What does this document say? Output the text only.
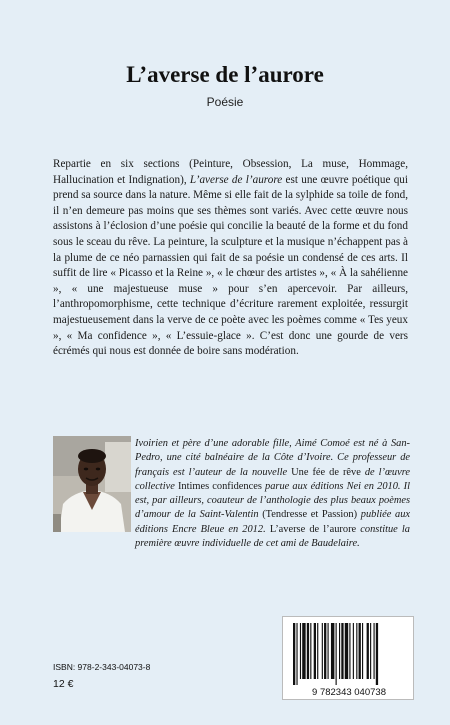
L’averse de l’aurore
Poésie

Repartie en six sections (Peinture, Obsession, La muse, Hommage, Hallucination et Indignation), L’averse de l’aurore est une œuvre poétique qui prend sa source dans la nature. Même si elle fait de la sylphide sa toile de fond, il n’en demeure pas moins que ses thèmes sont variés. Avec cette œuvre nous assistons à l’éclosion d’une poésie qui concilie la beauté de la forme et du fond sous le sceau du rêve. La peinture, la sculpture et la musique n’échappent pas à la plume de ce néo parnassien qui fait de sa poésie un condensé de ces arts. Il suffit de lire « Picasso et la Reine », « le chœur des artistes », « À la sahélienne », « une majestueuse muse » pour s’en apercevoir. Par ailleurs, l’anthropomorphisme, cette technique d’écriture rarement exploitée, ressurgit majestueusement dans la verve de ce poète avec les poèmes comme « Tes yeux », « Ma confidence », « L’essuie-glace ». C’est donc une gourde de vers écrémés qui nous est donnée de boire sans modération.

Ivoirien et père d’une adorable fille, Aimé Comoé est né à San-Pedro, une cité balnéaire de la Côte d’Ivoire. Ce professeur de français est l’auteur de la nouvelle Une fée de rêve de l’œuvre collective Intimes confidences parue aux éditions Nei en 2010. Il est, par ailleurs, coauteur de l’anthologie des plus beaux poèmes d’amour de la Saint-Valentin (Tendresse et Passion) publiée aux éditions Encre Bleue en 2012. L’averse de l’aurore constitue la première œuvre individuelle de cet ami de Baudelaire.

ISBN: 978-2-343-04073-8
12 €
9 782343 040738
